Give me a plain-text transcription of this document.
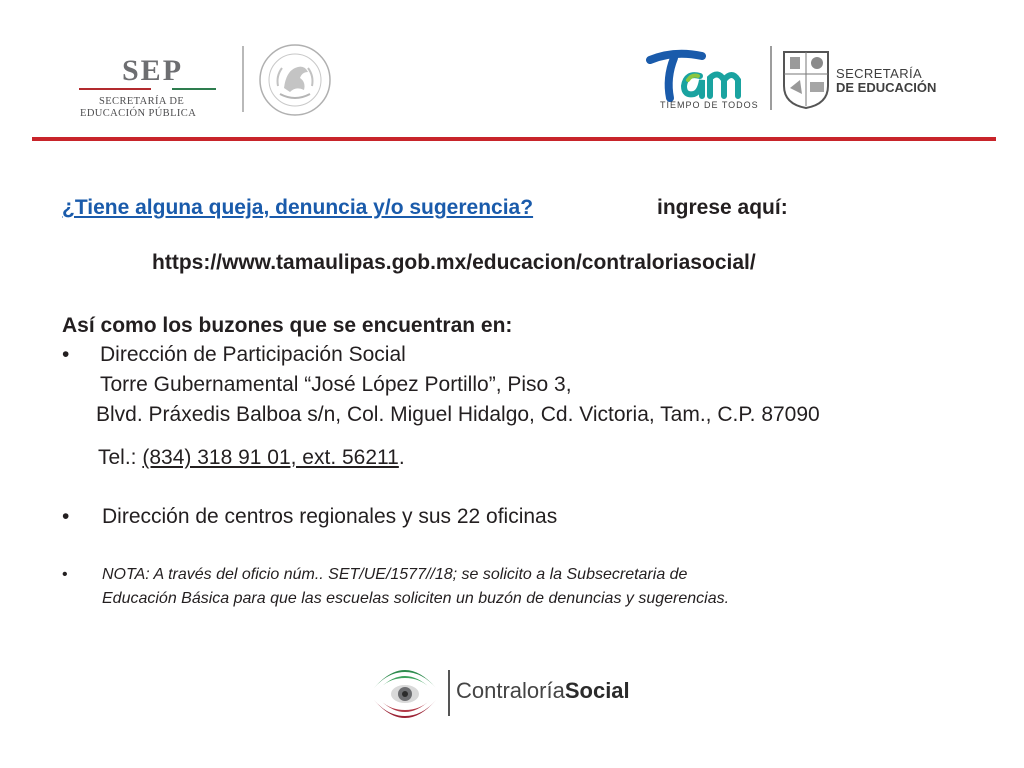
SEP
SECRETARÍA DE
EDUCACIÓN PÚBLICA
TIEMPO DE TODOS
SECRETARÍA
DE EDUCACIÓN
¿Tiene alguna queja, denuncia y/o sugerencia?	ingrese aquí:
https://www.tamaulipas.gob.mx/educacion/contraloriasocial/
Así como los buzones que se encuentran en:
• Dirección de Participación Social
Torre Gubernamental “José López Portillo”, Piso 3,
Blvd. Práxedis Balboa s/n, Col. Miguel Hidalgo, Cd. Victoria, Tam., C.P. 87090
Tel.: (834) 318 91 01, ext. 56211.
• Dirección de centros regionales y sus 22 oficinas
• NOTA: A través del oficio núm.. SET/UE/1577//18; se solicito a la Subsecretaria de
Educación Básica para que las escuelas soliciten un buzón de denuncias y sugerencias.
ContraloríaSocial
